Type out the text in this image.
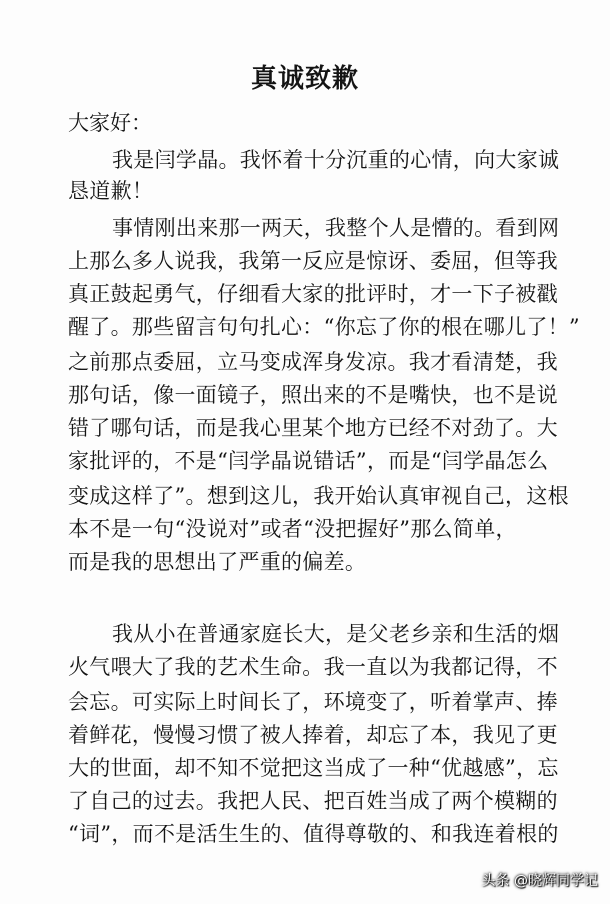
真诚致歉
大家好：
我是闫学晶。我怀着十分沉重的心情，向大家诚
恳道歉！
事情刚出来那一两天，我整个人是懵的。看到网
上那么多人说我，我第一反应是惊讶、委屈，但等我
真正鼓起勇气，仔细看大家的批评时，才一下子被戳
醒了。那些留言句句扎心：“你忘了你的根在哪儿了！”
之前那点委屈，立马变成浑身发凉。我才看清楚，我
那句话，像一面镜子，照出来的不是嘴快，也不是说
错了哪句话，而是我心里某个地方已经不对劲了。大
家批评的，不是“闫学晶说错话”，而是“闫学晶怎么
变成这样了”。想到这儿，我开始认真审视自己，这根
本不是一句“没说对”或者“没把握好”那么简单，
而是我的思想出了严重的偏差。
我从小在普通家庭长大，是父老乡亲和生活的烟
火气喂大了我的艺术生命。我一直以为我都记得，不
会忘。可实际上时间长了，环境变了，听着掌声、捧
着鲜花，慢慢习惯了被人捧着，却忘了本，我见了更
大的世面，却不知不觉把这当成了一种“优越感”，忘
了自己的过去。我把人民、把百姓当成了两个模糊的
“词”，而不是活生生的、值得尊敬的、和我连着根的
头条 @晓辉同学记
